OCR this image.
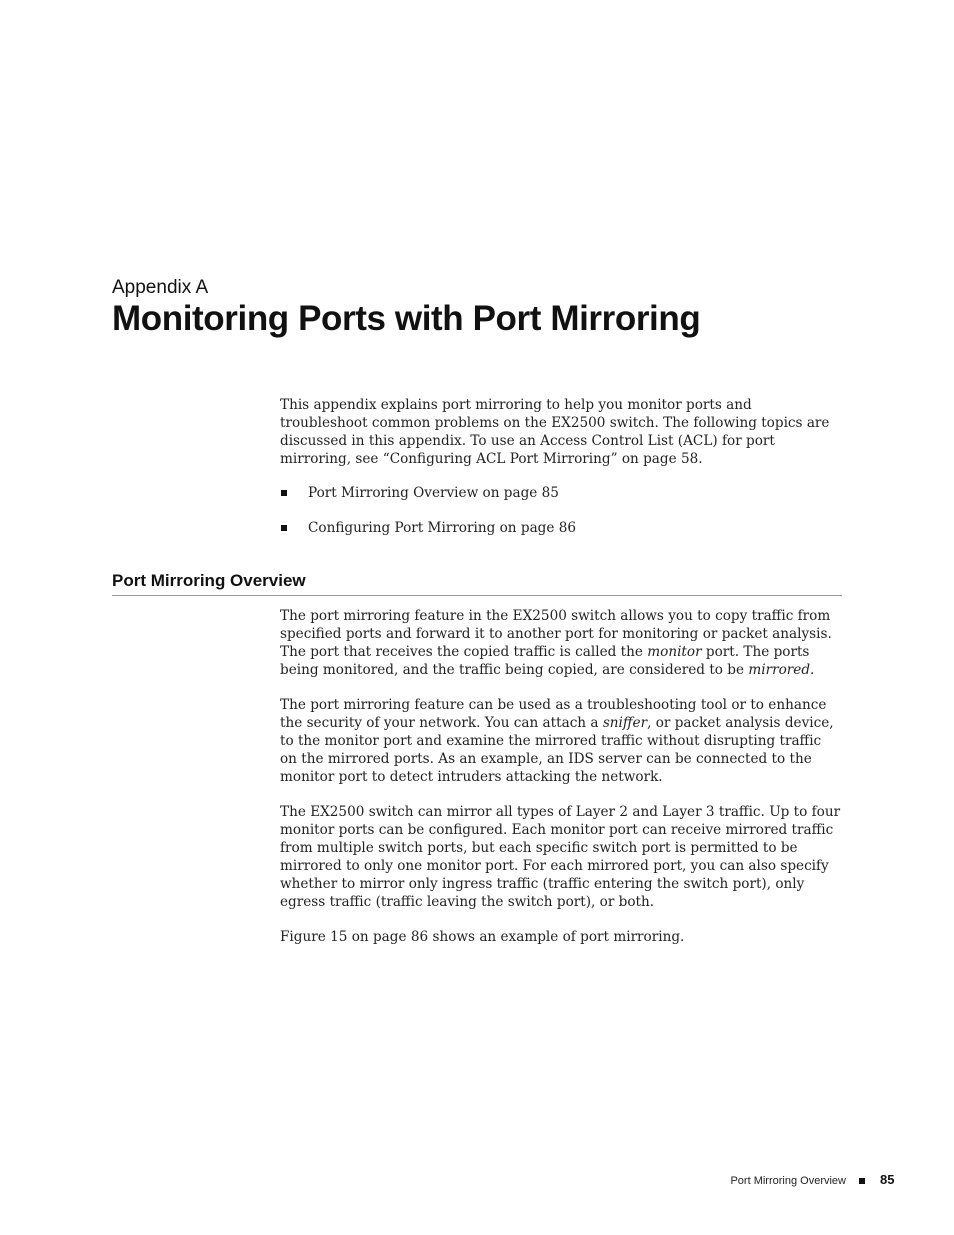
Appendix A

Monitoring Ports with Port Mirroring

This appendix explains port mirroring to help you monitor ports and troubleshoot common problems on the EX2500 switch. The following topics are discussed in this appendix. To use an Access Control List (ACL) for port mirroring, see “Configuring ACL Port Mirroring” on page 58.

Port Mirroring Overview on page 85
Configuring Port Mirroring on page 86
Port Mirroring Overview

The port mirroring feature in the EX2500 switch allows you to copy traffic from specified ports and forward it to another port for monitoring or packet analysis. The port that receives the copied traffic is called the monitor port. The ports being monitored, and the traffic being copied, are considered to be mirrored.

The port mirroring feature can be used as a troubleshooting tool or to enhance the security of your network. You can attach a sniffer, or packet analysis device, to the monitor port and examine the mirrored traffic without disrupting traffic on the mirrored ports. As an example, an IDS server can be connected to the monitor port to detect intruders attacking the network.

The EX2500 switch can mirror all types of Layer 2 and Layer 3 traffic. Up to four monitor ports can be configured. Each monitor port can receive mirrored traffic from multiple switch ports, but each specific switch port is permitted to be mirrored to only one monitor port. For each mirrored port, you can also specify whether to mirror only ingress traffic (traffic entering the switch port), only egress traffic (traffic leaving the switch port), or both.

Figure 15 on page 86 shows an example of port mirroring.

Port Mirroring Overview	85
